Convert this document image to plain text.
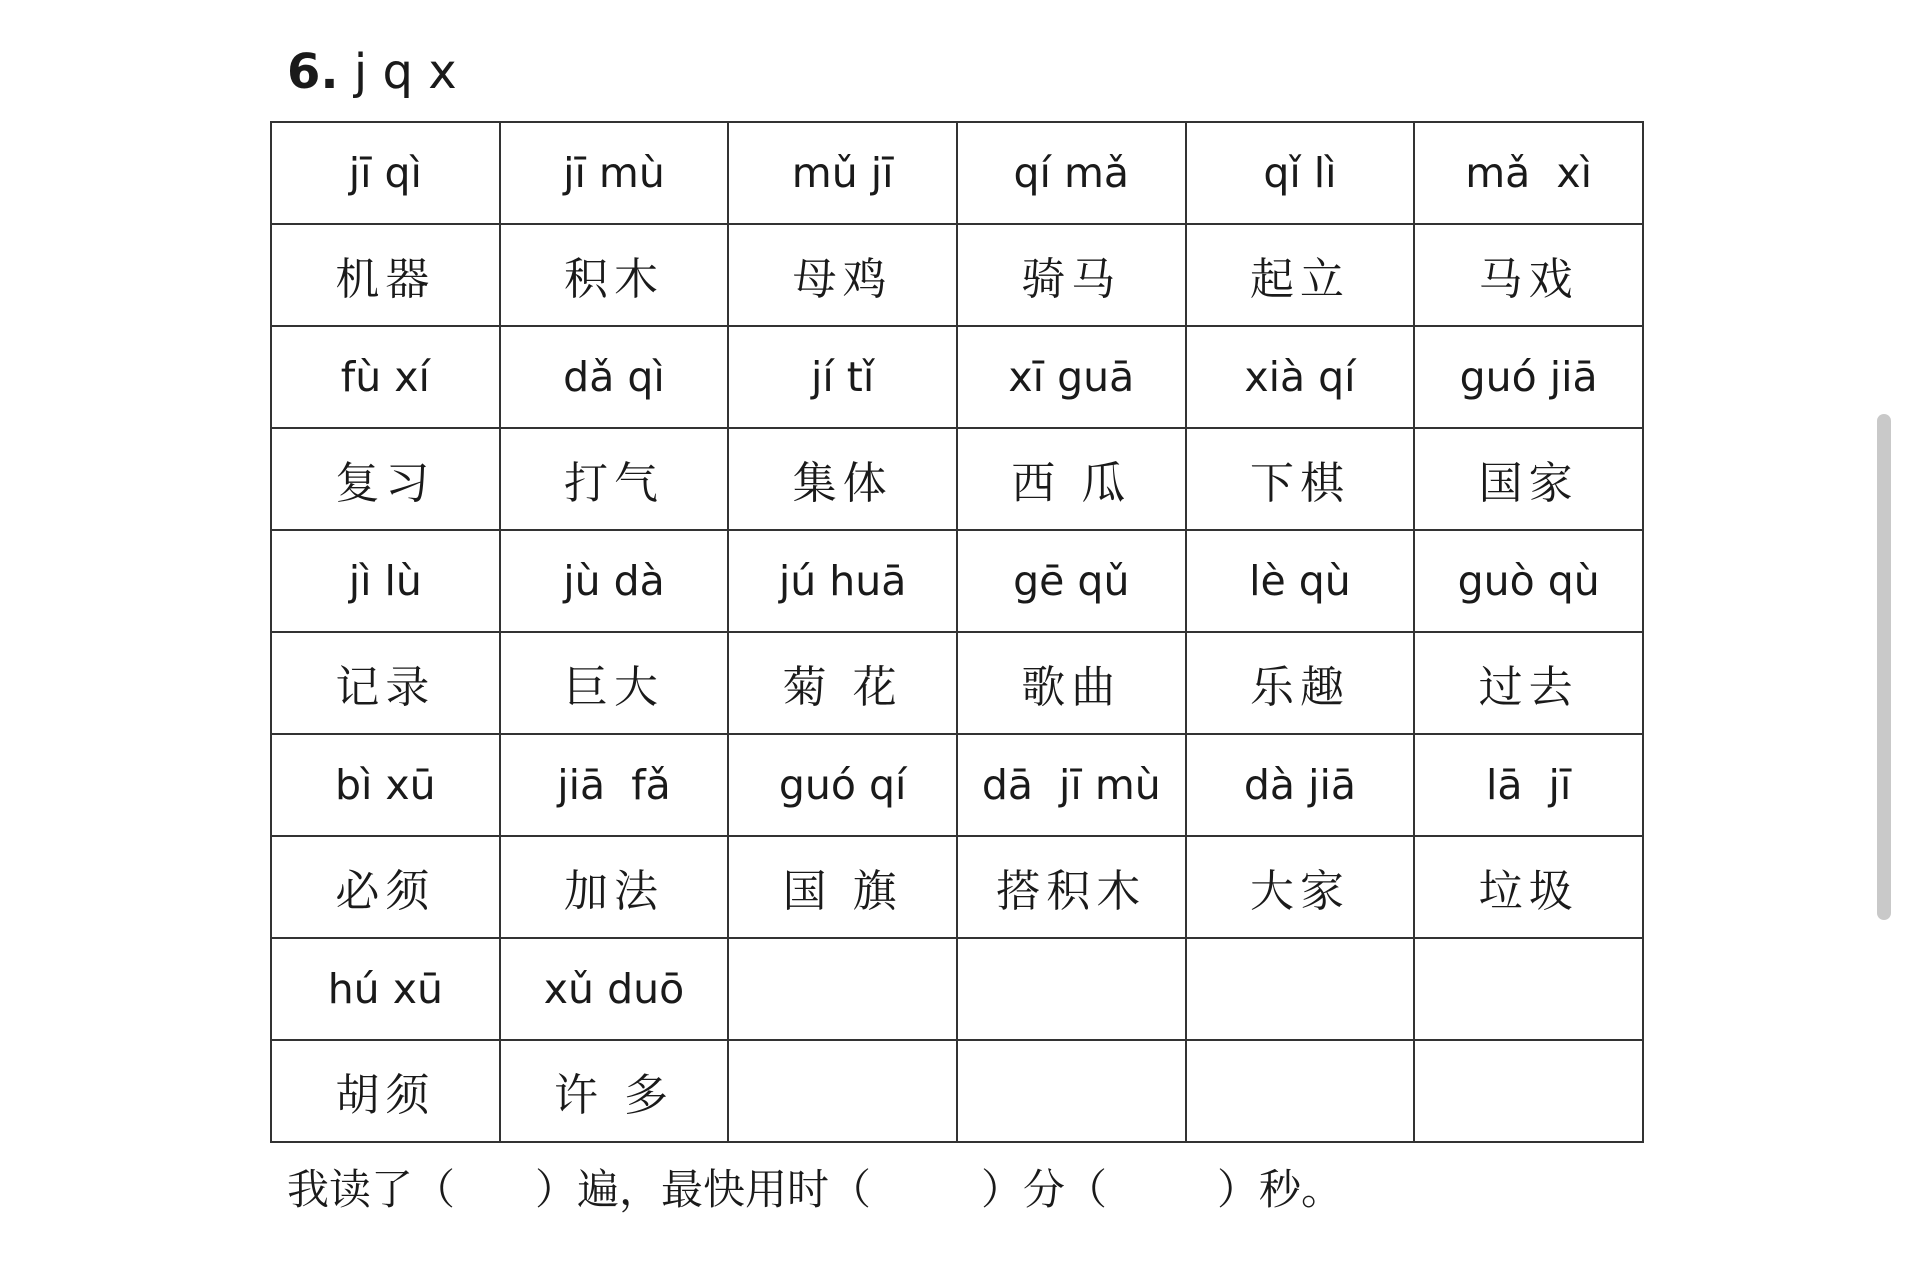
6. j q x
jī qì	jī mù	mǔ jī	qí mǎ	qǐ lì	mǎ  xì
机器	积木	母鸡	骑马	起立	马戏
fù xí	dǎ qì	jí tǐ	xī guā	xià qí	guó jiā
复习	打气	集体	西 瓜	下棋	国家
jì lù	jù dà	jú huā	gē qǔ	lè qù	guò qù
记录	巨大	菊 花	歌曲	乐趣	过去
bì xū	jiā  fǎ	guó qí	dā  jī mù	dà jiā	lā  jī
必须	加法	国 旗	搭积木	大家	垃圾
hú xū	xǔ duō				
胡须	许 多				
我读了（ ）遍，最快用时（	）分（	）秒。
